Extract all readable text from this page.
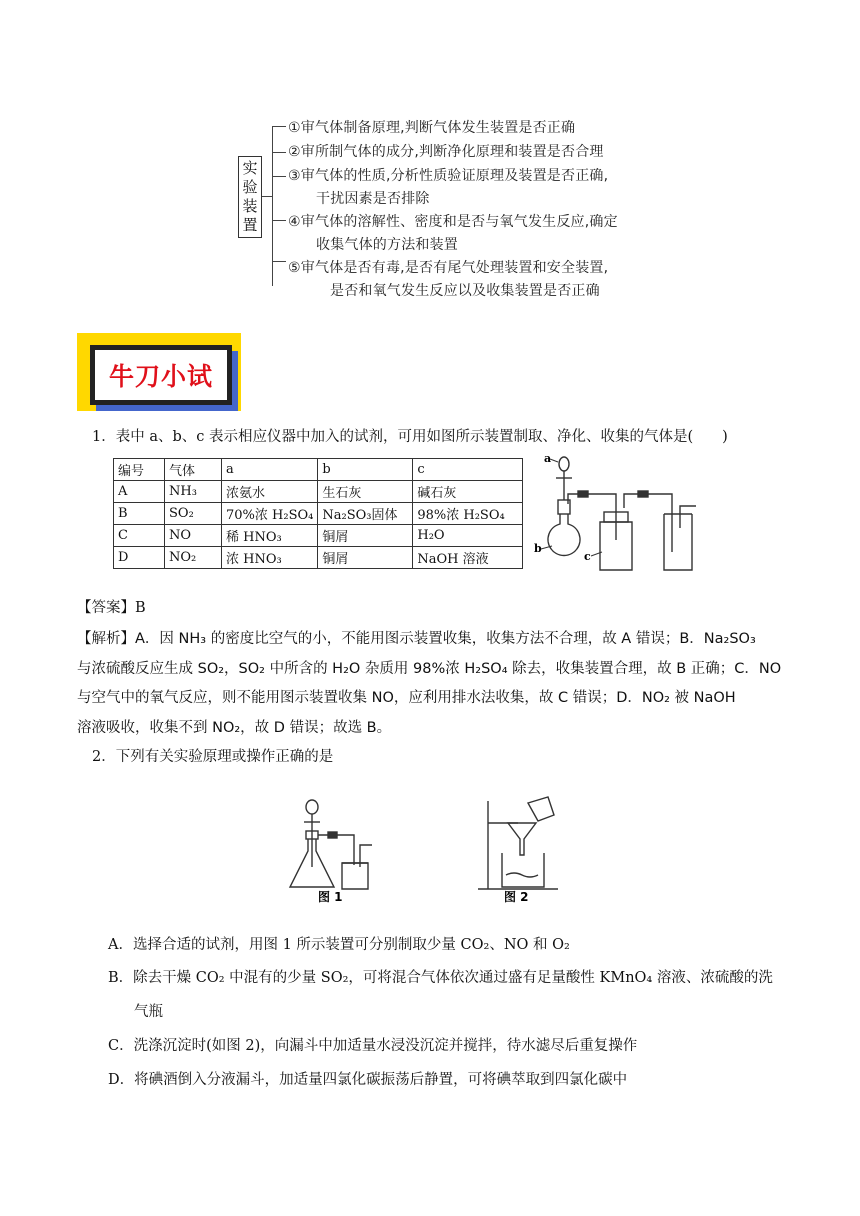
实验装置
①审气体制备原理,判断气体发生装置是否正确
②审所制气体的成分,判断净化原理和装置是否合理
③审气体的性质,分析性质验证原理及装置是否正确,
干扰因素是否排除
④审气体的溶解性、密度和是否与氧气发生反应,确定
收集气体的方法和装置
⑤审气体是否有毒,是否有尾气处理装置和安全装置,
是否和氧气发生反应以及收集装置是否正确
牛刀小试
1．表中 a、b、c 表示相应仪器中加入的试剂，可用如图所示装置制取、净化、收集的气体是(　　)
编号	气体	a	b	c
A	NH₃	浓氨水	生石灰	碱石灰
B	SO₂	70%浓 H₂SO₄	Na₂SO₃固体	98%浓 H₂SO₄
C	NO	稀 HNO₃	铜屑	H₂O
D	NO₂	浓 HNO₃	铜屑	NaOH 溶液
a
b
c
【答案】B

【解析】A．因 NH₃ 的密度比空气的小，不能用图示装置收集，收集方法不合理，故 A 错误；B．Na₂SO₃

与浓硫酸反应生成 SO₂，SO₂ 中所含的 H₂O 杂质用 98%浓 H₂SO₄ 除去，收集装置合理，故 B 正确；C．NO

与空气中的氧气反应，则不能用图示装置收集 NO，应利用排水法收集，故 C 错误；D．NO₂ 被 NaOH

溶液吸收，收集不到 NO₂，故 D 错误；故选 B。

2．下列有关实验原理或操作正确的是
图 1	图 2
A．选择合适的试剂，用图 1 所示装置可分别制取少量 CO₂、NO 和 O₂
B．除去干燥 CO₂ 中混有的少量 SO₂，可将混合气体依次通过盛有足量酸性 KMnO₄ 溶液、浓硫酸的洗
气瓶
C．洗涤沉淀时(如图 2)，向漏斗中加适量水浸没沉淀并搅拌，待水滤尽后重复操作
D．将碘酒倒入分液漏斗，加适量四氯化碳振荡后静置，可将碘萃取到四氯化碳中
